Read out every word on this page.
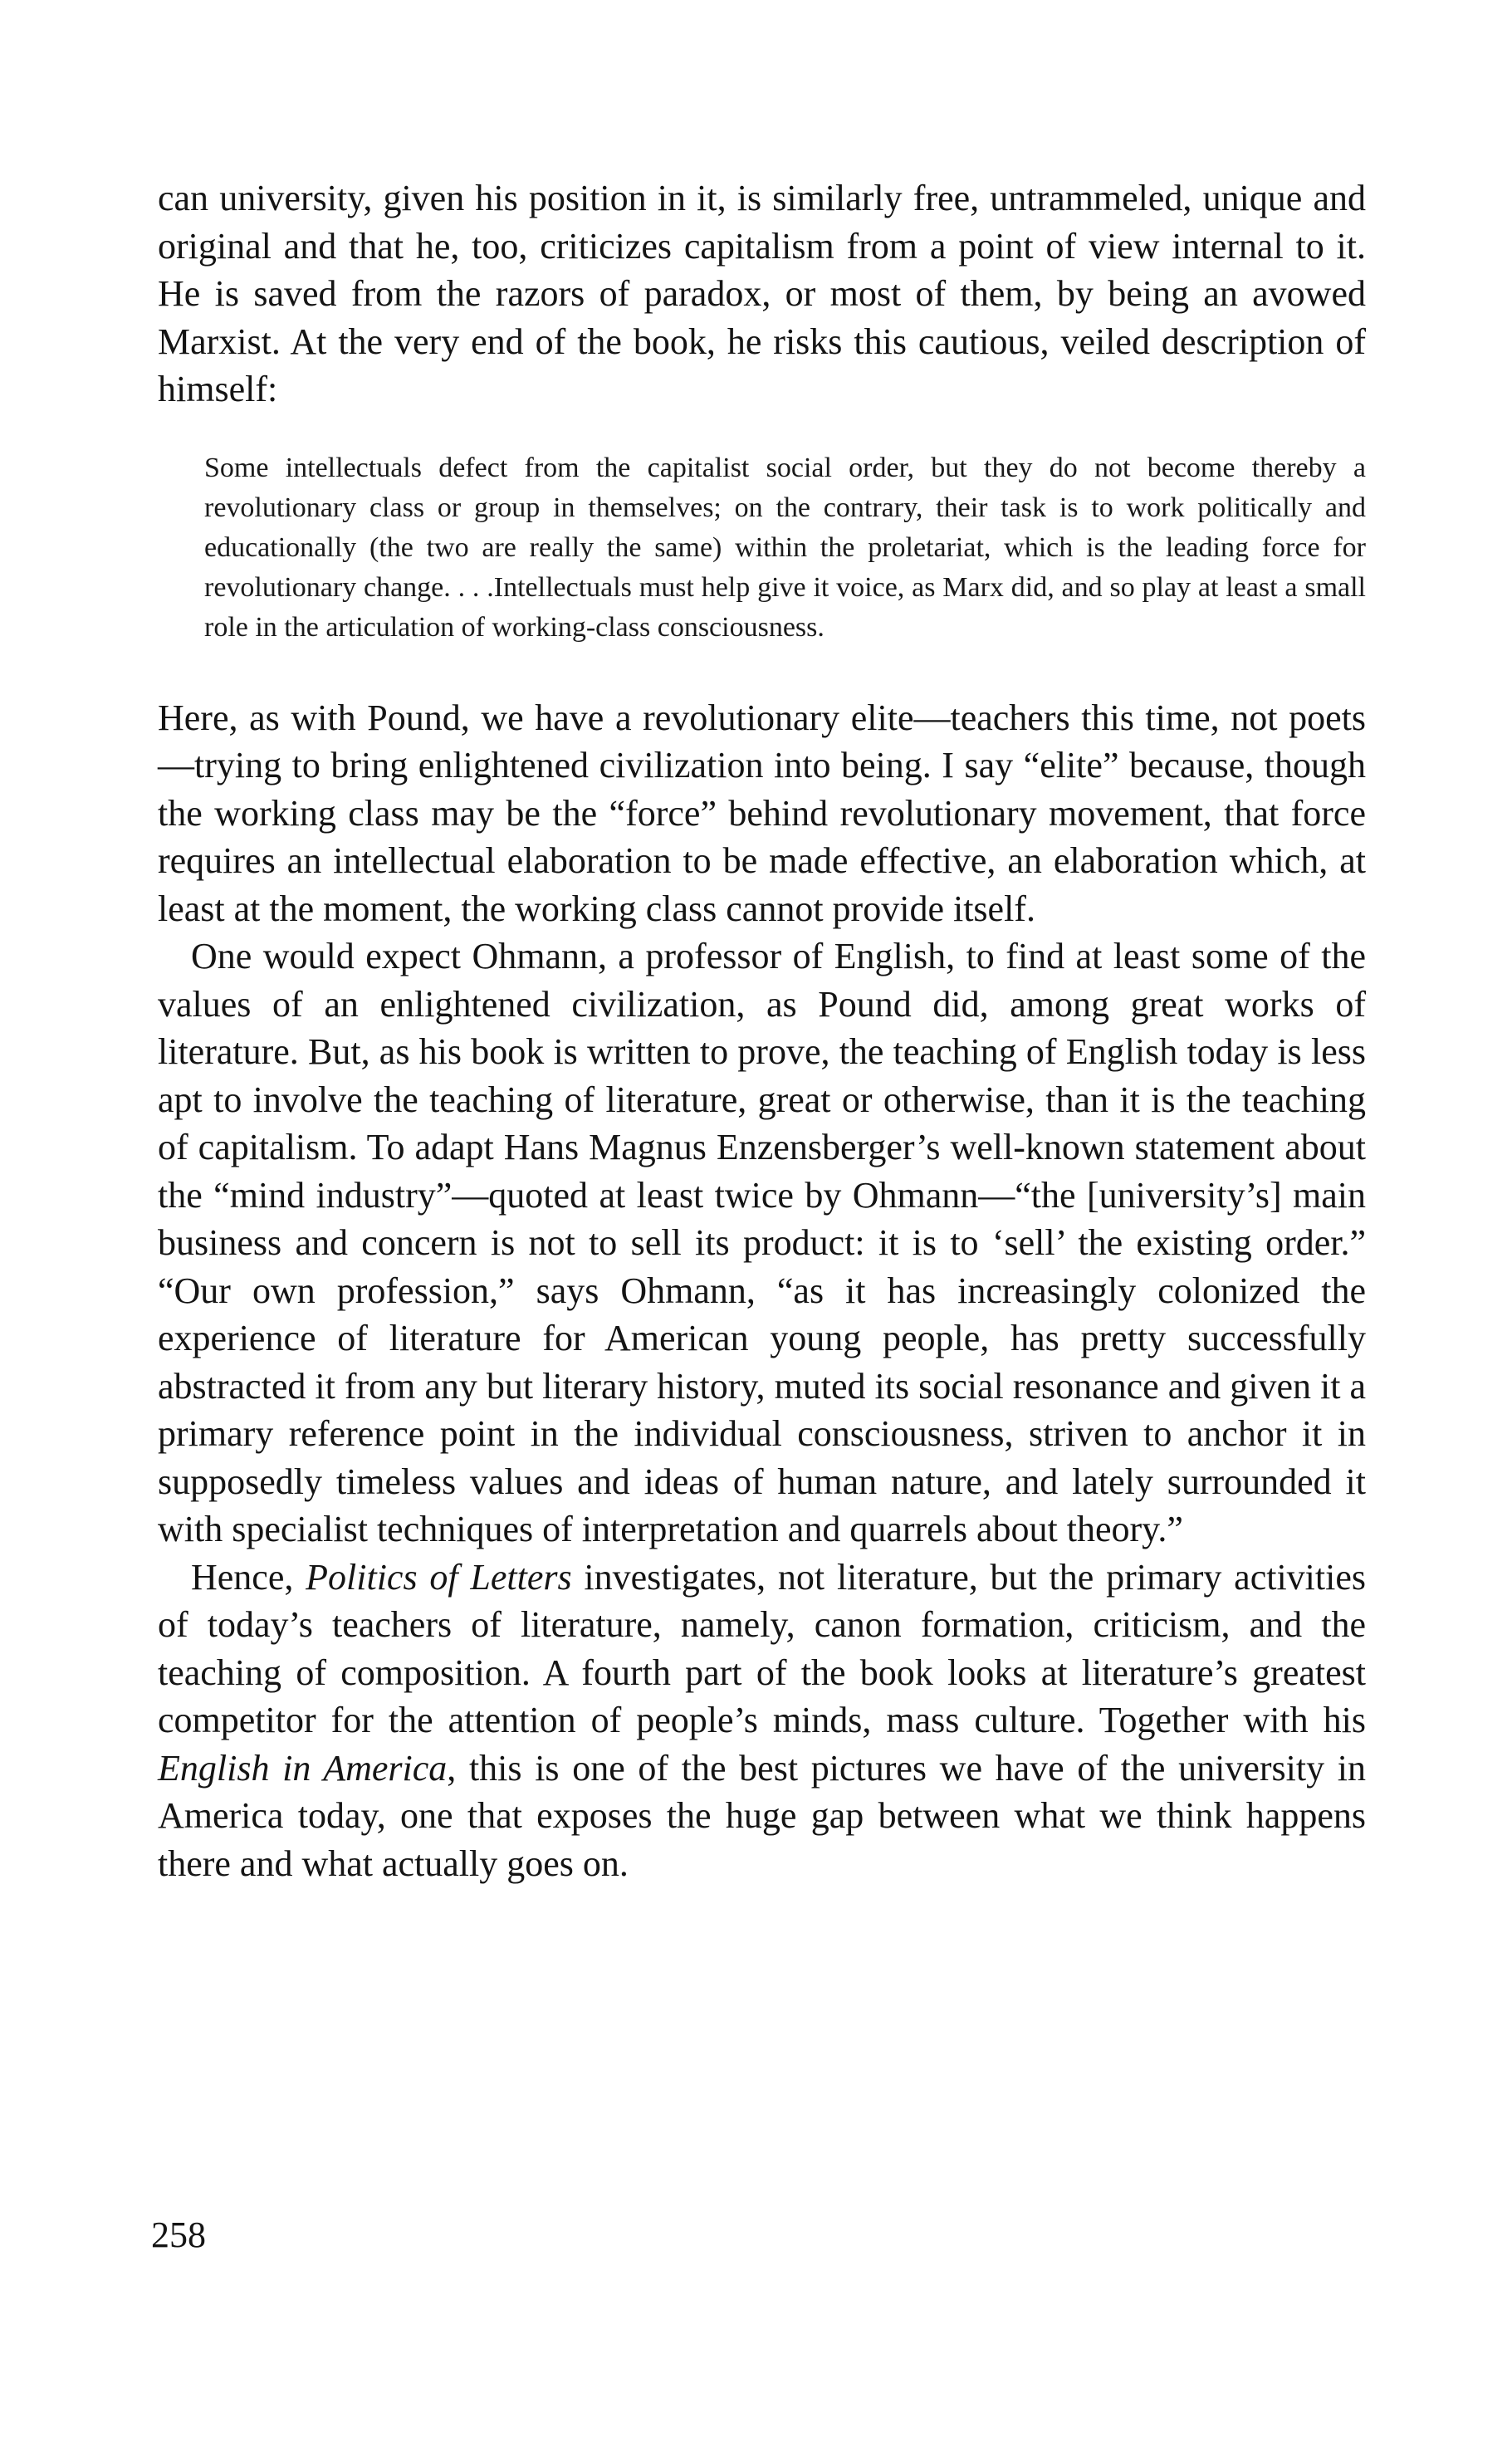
can university, given his position in it, is similarly free, untrammeled, unique and original and that he, too, criticizes capitalism from a point of view internal to it. He is saved from the razors of paradox, or most of them, by being an avowed Marxist. At the very end of the book, he risks this cautious, veiled description of himself:

Some intellectuals defect from the capitalist social order, but they do not become thereby a revolutionary class or group in themselves; on the contrary, their task is to work politically and educationally (the two are really the same) within the proletariat, which is the leading force for revolutionary change. . . .Intellectuals must help give it voice, as Marx did, and so play at least a small role in the articulation of working-class consciousness.

Here, as with Pound, we have a revolutionary elite—teachers this time, not poets—trying to bring enlightened civilization into being. I say “elite” because, though the working class may be the “force” behind revolutionary movement, that force requires an intellectual elaboration to be made effective, an elaboration which, at least at the moment, the working class cannot provide itself.

One would expect Ohmann, a professor of English, to find at least some of the values of an enlightened civilization, as Pound did, among great works of literature. But, as his book is written to prove, the teaching of English today is less apt to involve the teaching of literature, great or otherwise, than it is the teaching of capitalism. To adapt Hans Magnus Enzensberger’s well-known statement about the “mind industry”—quoted at least twice by Ohmann—“the [university’s] main business and concern is not to sell its product: it is to ‘sell’ the existing order.” “Our own profession,” says Ohmann, “as it has increasingly colonized the experience of literature for American young people, has pretty successfully abstracted it from any but literary history, muted its social resonance and given it a primary reference point in the individual consciousness, striven to anchor it in supposedly timeless values and ideas of human nature, and lately surrounded it with specialist techniques of interpretation and quarrels about theory.”

Hence, Politics of Letters investigates, not literature, but the primary activities of today’s teachers of literature, namely, canon formation, criticism, and the teaching of composition. A fourth part of the book looks at literature’s greatest competitor for the attention of people’s minds, mass culture. Together with his English in America, this is one of the best pictures we have of the university in America today, one that exposes the huge gap between what we think happens there and what actually goes on.

258
